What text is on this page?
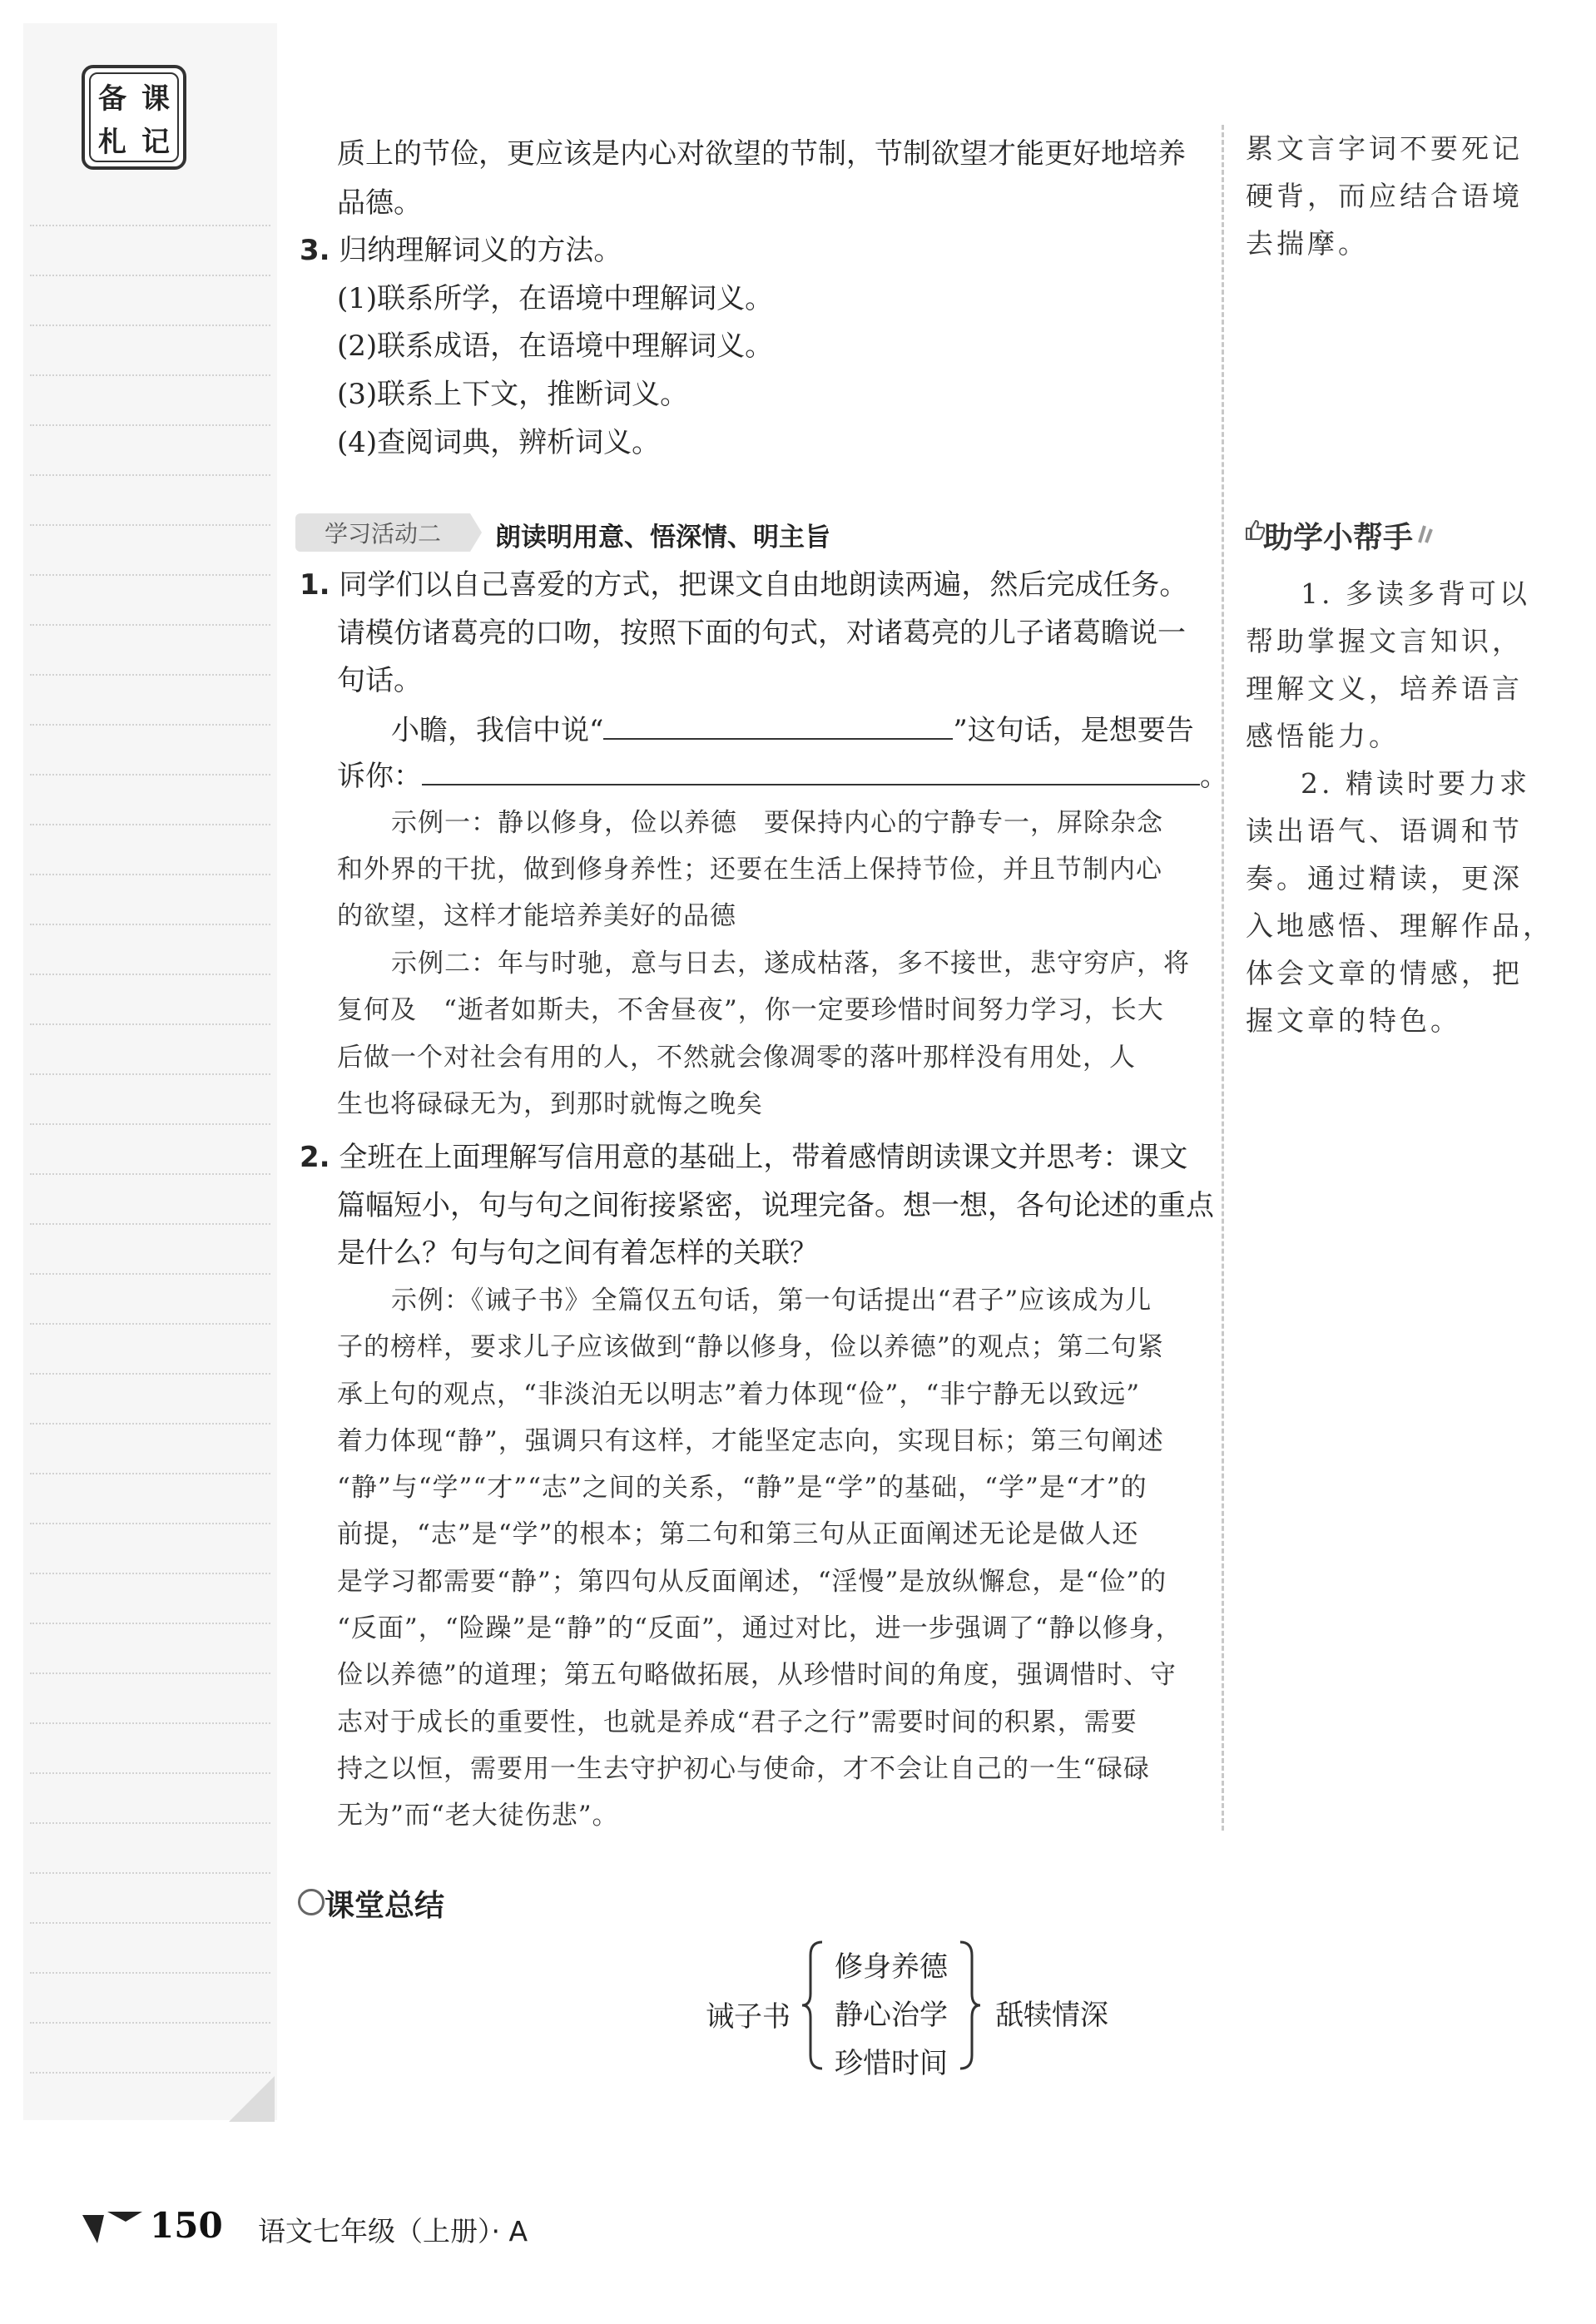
备 课
札 记	质上的节俭，更应该是内心对欲望的节制，节制欲望才能更好地培养
品德。
3. 归纳理解词义的方法。
(1)联系所学，在语境中理解词义。
(2)联系成语，在语境中理解词义。
(3)联系上下文，推断词义。
(4)查阅词典，辨析词义。
累文言字词不要死记
硬背，而应结合语境
去揣摩。
学习活动二	朗读明用意、悟深情、明主旨	助学小帮手
1. 多读多背可以
帮助掌握文言知识，
理解文义，培养语言
感悟能力。
2. 精读时要力求
读出语气、语调和节
奏。通过精读，更深
入地感悟、理解作品，
体会文章的情感，把
握文章的特色。
1. 同学们以自己喜爱的方式，把课文自由地朗读两遍，然后完成任务。
请模仿诸葛亮的口吻，按照下面的句式，对诸葛亮的儿子诸葛瞻说一
句话。
小瞻，我信中说“	”这句话，是想要告
诉你：	。
示例一：静以修身，俭以养德　要保持内心的宁静专一，屏除杂念
和外界的干扰，做到修身养性；还要在生活上保持节俭，并且节制内心
的欲望，这样才能培养美好的品德
示例二：年与时驰，意与日去，遂成枯落，多不接世，悲守穷庐，将
复何及　“逝者如斯夫，不舍昼夜”，你一定要珍惜时间努力学习，长大
后做一个对社会有用的人，不然就会像凋零的落叶那样没有用处，人
生也将碌碌无为，到那时就悔之晚矣
2. 全班在上面理解写信用意的基础上，带着感情朗读课文并思考：课文
篇幅短小，句与句之间衔接紧密，说理完备。想一想，各句论述的重点
是什么？句与句之间有着怎样的关联？
示例：《诫子书》全篇仅五句话，第一句话提出“君子”应该成为儿
子的榜样，要求儿子应该做到“静以修身，俭以养德”的观点；第二句紧
承上句的观点，“非淡泊无以明志”着力体现“俭”，“非宁静无以致远”
着力体现“静”，强调只有这样，才能坚定志向，实现目标；第三句阐述
“静”与“学”“才”“志”之间的关系，“静”是“学”的基础，“学”是“才”的
前提，“志”是“学”的根本；第二句和第三句从正面阐述无论是做人还
是学习都需要“静”；第四句从反面阐述，“淫慢”是放纵懈怠，是“俭”的
“反面”，“险躁”是“静”的“反面”，通过对比，进一步强调了“静以修身，
俭以养德”的道理；第五句略做拓展，从珍惜时间的角度，强调惜时、守
志对于成长的重要性，也就是养成“君子之行”需要时间的积累，需要
持之以恒，需要用一生去守护初心与使命，才不会让自己的一生“碌碌
无为”而“老大徒伤悲”。
课堂总结
诫子书
修身养德
静心治学
珍惜时间
舐犊情深
150 语文七年级（上册）· A
